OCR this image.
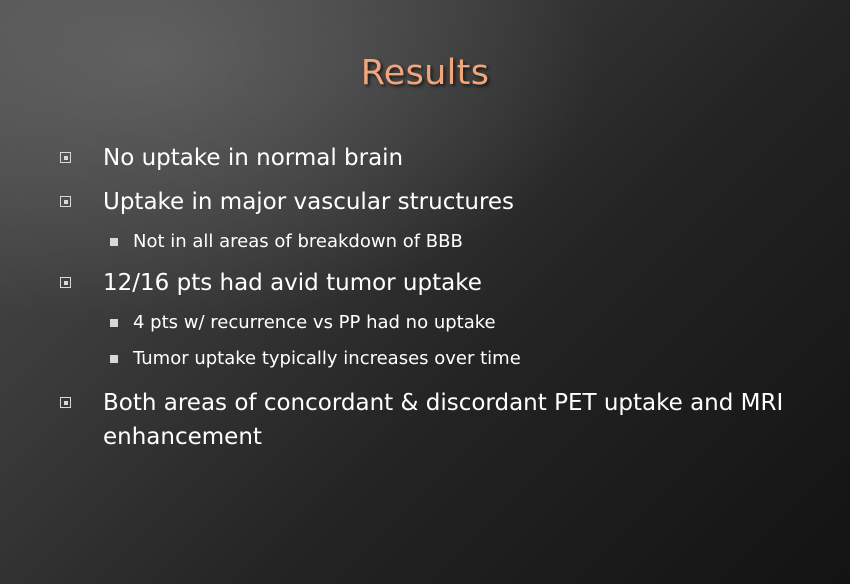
Results
No uptake in normal brain
Uptake in major vascular structures
Not in all areas of breakdown of BBB
12/16 pts had avid tumor uptake
4 pts w/ recurrence vs PP had no uptake
Tumor uptake typically increases over time
Both areas of concordant & discordant PET uptake and MRI enhancement
